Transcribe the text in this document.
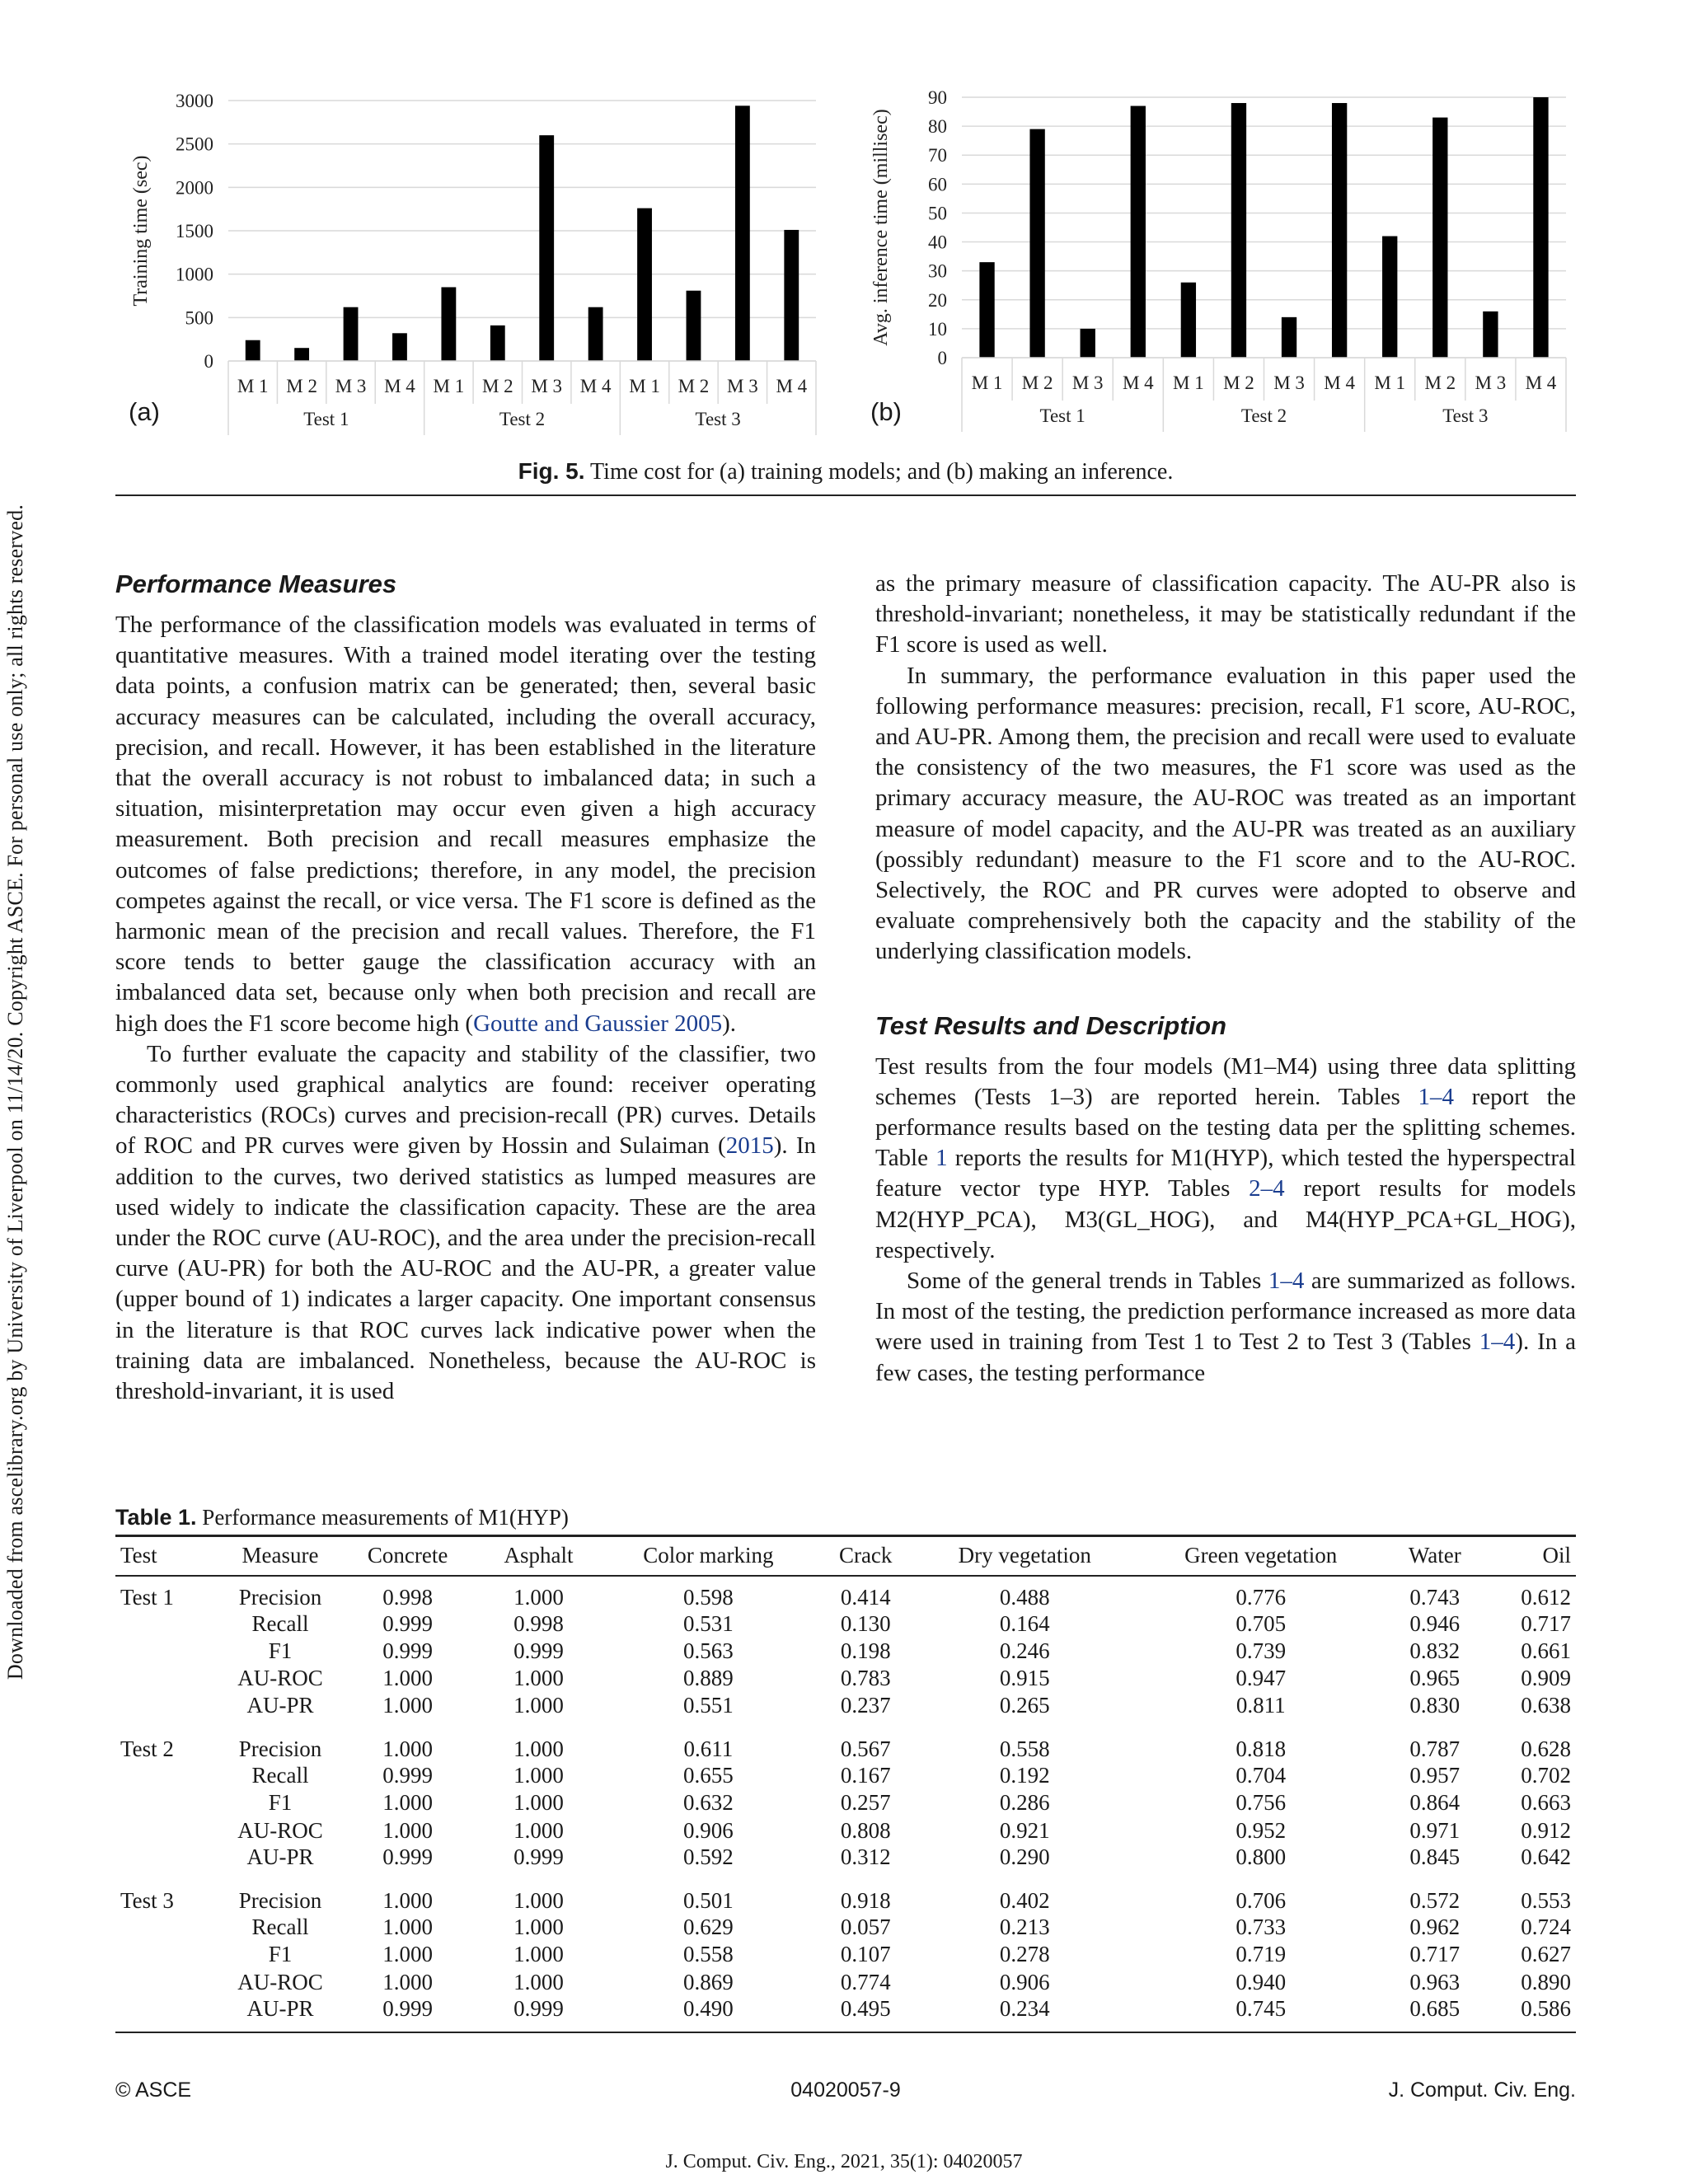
Downloaded from ascelibrary.org by University of Liverpool on 11/14/20. Copyright ASCE. For personal use only; all rights reserved.
0
500
1000
1500
2000
2500
3000
Training time (sec)
M 1 M 2 M 3 M 4 M 1 M 2 M 3 M 4 M 1 M 2 M 3 M 4
Test 1	Test 2	Test 3
(a)
0
10
20
30
40
50
60
70
80
90
Avg. inference time (millisec)
M 1 M 2 M 3 M 4 M 1 M 2 M 3 M 4 M 1 M 2 M 3 M 4
Test 1	Test 2	Test 3
(b)
Fig. 5. Time cost for (a) training models; and (b) making an inference.
Performance Measures

The performance of the classification models was evaluated in terms of quantitative measures. With a trained model iterating over the testing data points, a confusion matrix can be generated; then, several basic accuracy measures can be calculated, including the overall accuracy, precision, and recall. However, it has been established in the literature that the overall accuracy is not robust to imbalanced data; in such a situation, misinterpretation may occur even given a high accuracy measurement. Both precision and recall measures emphasize the outcomes of false predictions; therefore, in any model, the precision competes against the recall, or vice versa. The F1 score is defined as the harmonic mean of the precision and recall values. Therefore, the F1 score tends to better gauge the classification accuracy with an imbalanced data set, because only when both precision and recall are high does the F1 score become high (Goutte and Gaussier 2005).

To further evaluate the capacity and stability of the classifier, two commonly used graphical analytics are found: receiver operating characteristics (ROCs) curves and precision-recall (PR) curves. Details of ROC and PR curves were given by Hossin and Sulaiman (2015). In addition to the curves, two derived statistics as lumped measures are used widely to indicate the classification capacity. These are the area under the ROC curve (AU-ROC), and the area under the precision-recall curve (AU-PR) for both the AU-ROC and the AU-PR, a greater value (upper bound of 1) indicates a larger capacity. One important consensus in the literature is that ROC curves lack indicative power when the training data are imbalanced. Nonetheless, because the AU-ROC is threshold-invariant, it is used

as the primary measure of classification capacity. The AU-PR also is threshold-invariant; nonetheless, it may be statistically redundant if the F1 score is used as well.

In summary, the performance evaluation in this paper used the following performance measures: precision, recall, F1 score, AU-ROC, and AU-PR. Among them, the precision and recall were used to evaluate the consistency of the two measures, the F1 score was used as the primary accuracy measure, the AU-ROC was treated as an important measure of model capacity, and the AU-PR was treated as an auxiliary (possibly redundant) measure to the F1 score and to the AU-ROC. Selectively, the ROC and PR curves were adopted to observe and evaluate comprehensively both the capacity and the stability of the underlying classification models.

Test Results and Description

Test results from the four models (M1–M4) using three data splitting schemes (Tests 1–3) are reported herein. Tables 1–4 report the performance results based on the testing data per the splitting schemes. Table 1 reports the results for M1(HYP), which tested the hyperspectral feature vector type HYP. Tables 2–4 report results for models M2(HYP_PCA), M3(GL_HOG), and M4(HYP_PCA+GL_HOG), respectively.

Some of the general trends in Tables 1–4 are summarized as follows. In most of the testing, the prediction performance increased as more data were used in training from Test 1 to Test 2 to Test 3 (Tables 1–4). In a few cases, the testing performance

Table 1. Performance measurements of M1(HYP)
Test	Measure	Concrete	Asphalt	Color marking	Crack	Dry vegetation	Green vegetation	Water	Oil
Test 1	Precision	0.998	1.000	0.598	0.414	0.488	0.776	0.743	0.612
	Recall	0.999	0.998	0.531	0.130	0.164	0.705	0.946	0.717
	F1	0.999	0.999	0.563	0.198	0.246	0.739	0.832	0.661
	AU-ROC	1.000	1.000	0.889	0.783	0.915	0.947	0.965	0.909
	AU-PR	1.000	1.000	0.551	0.237	0.265	0.811	0.830	0.638
Test 2	Precision	1.000	1.000	0.611	0.567	0.558	0.818	0.787	0.628
	Recall	0.999	1.000	0.655	0.167	0.192	0.704	0.957	0.702
	F1	1.000	1.000	0.632	0.257	0.286	0.756	0.864	0.663
	AU-ROC	1.000	1.000	0.906	0.808	0.921	0.952	0.971	0.912
	AU-PR	0.999	0.999	0.592	0.312	0.290	0.800	0.845	0.642
Test 3	Precision	1.000	1.000	0.501	0.918	0.402	0.706	0.572	0.553
	Recall	1.000	1.000	0.629	0.057	0.213	0.733	0.962	0.724
	F1	1.000	1.000	0.558	0.107	0.278	0.719	0.717	0.627
	AU-ROC	1.000	1.000	0.869	0.774	0.906	0.940	0.963	0.890
	AU-PR	0.999	0.999	0.490	0.495	0.234	0.745	0.685	0.586
© ASCE	04020057-9	J. Comput. Civ. Eng.
J. Comput. Civ. Eng., 2021, 35(1): 04020057
